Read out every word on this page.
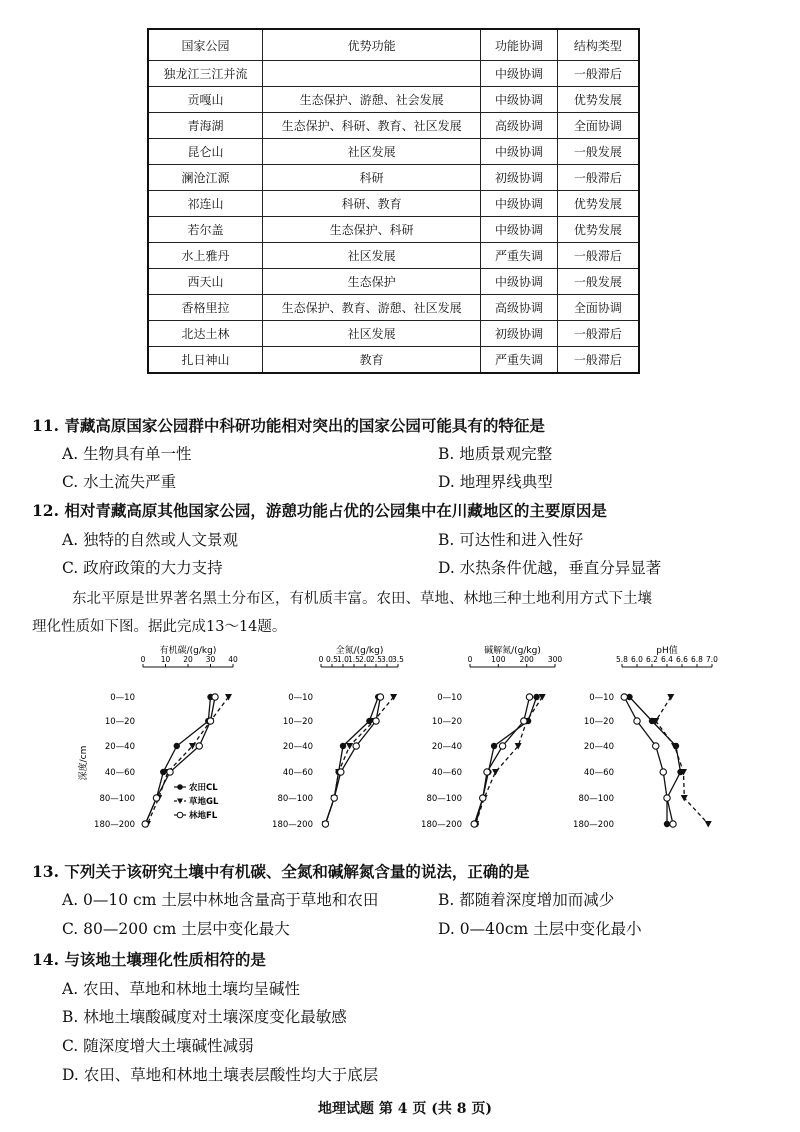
国家公园	优势功能	功能协调	结构类型
独龙江三江并流		中级协调	一般滞后
贡嘎山	生态保护、游憩、社会发展	中级协调	优势发展
青海湖	生态保护、科研、教育、社区发展	高级协调	全面协调
昆仑山	社区发展	中级协调	一般发展
澜沧江源	科研	初级协调	一般滞后
祁连山	科研、教育	中级协调	优势发展
若尔盖	生态保护、科研	中级协调	优势发展
水上雅丹	社区发展	严重失调	一般滞后
西天山	生态保护	中级协调	一般发展
香格里拉	生态保护、教育、游憩、社区发展	高级协调	全面协调
北达土林	社区发展	初级协调	一般滞后
扎日神山	教育	严重失调	一般滞后
11. 青藏高原国家公园群中科研功能相对突出的国家公园可能具有的特征是
A. 生物具有单一性	B. 地质景观完整
C. 水土流失严重	D. 地理界线典型
12. 相对青藏高原其他国家公园，游憩功能占优的公园集中在川藏地区的主要原因是
A. 独特的自然或人文景观	B. 可达性和进入性好
C. 政府政策的大力支持	D. 水热条件优越，垂直分异显著
东北平原是世界著名黑土分布区，有机质丰富。农田、草地、林地三种土地利用方式下土壤
理化性质如下图。据此完成13～14题。
有机碳/(g/kg)
0 10 20 30 40
0—10
10—20
20—40
40—60
80—100
180—200
全氮/(g/kg)
0 0.5 1.0 1.5 2.0 2.5 3.0 3.5
0—10
10—20
20—40
40—60
80—100
180—200
碱解氮/(g/kg)
0	100 200 300
0—10
10—20
20—40
40—60
80—100
180—200
pH值
5.8 6.0 6.2 6.4 6.6 6.8 7.0
0—10
10—20
20—40
40—60
80—100
180—200
深度/cm
农田CL
草地GL
林地FL
13. 下列关于该研究土壤中有机碳、全氮和碱解氮含量的说法，正确的是
A. 0—10 cm 土层中林地含量高于草地和农田	B. 都随着深度增加而减少
C. 80—200 cm 土层中变化最大	D. 0—40cm 土层中变化最小
14. 与该地土壤理化性质相符的是
A. 农田、草地和林地土壤均呈碱性
B. 林地土壤酸碱度对土壤深度变化最敏感
C. 随深度增大土壤碱性减弱
D. 农田、草地和林地土壤表层酸性均大于底层
地理试题 第 4 页 (共 8 页)
